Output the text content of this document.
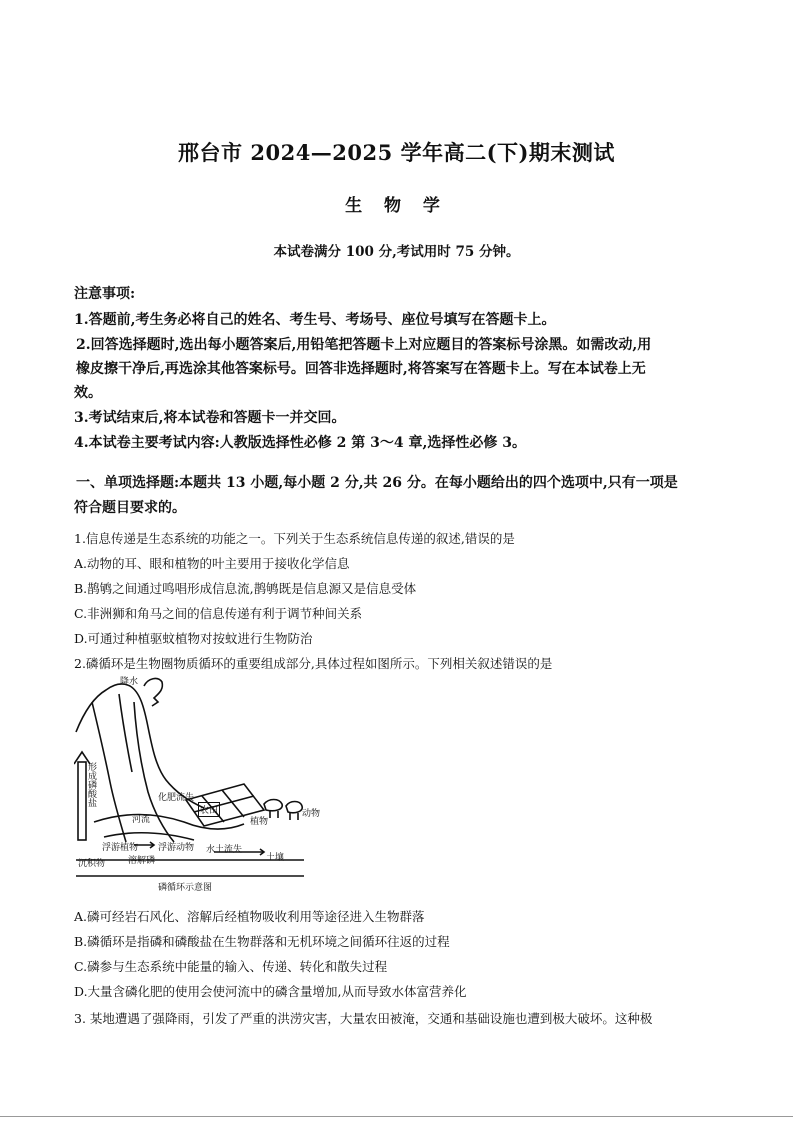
邢台市 2024—2025 学年高二(下)期末测试
生 物 学
本试卷满分 100 分,考试用时 75 分钟。
注意事项:
1.答题前,考生务必将自己的姓名、考生号、考场号、座位号填写在答题卡上。
2.回答选择题时,选出每小题答案后,用铅笔把答题卡上对应题目的答案标号涂黑。如需改动,用
橡皮擦干净后,再选涂其他答案标号。回答非选择题时,将答案写在答题卡上。写在本试卷上无
效。
3.考试结束后,将本试卷和答题卡一并交回。
4.本试卷主要考试内容:人教版选择性必修 2 第 3～4 章,选择性必修 3。
一、单项选择题:本题共 13 小题,每小题 2 分,共 26 分。在每小题给出的四个选项中,只有一项是
符合题目要求的。
1.信息传递是生态系统的功能之一。下列关于生态系统信息传递的叙述,错误的是
A.动物的耳、眼和植物的叶主要用于接收化学信息
B.鹊鸲之间通过鸣唱形成信息流,鹊鸲既是信息源又是信息受体
C.非洲狮和角马之间的信息传递有利于调节种间关系
D.可通过种植驱蚊植物对按蚊进行生物防治
2.磷循环是生物圈物质循环的重要组成部分,具体过程如图所示。下列相关叙述错误的是
降水
形成磷酸盐
化肥流失
农田
河流	植物
动物
浮游植物 浮游动物
溶解磷
沉积物
水土流失
土壤
磷循环示意图
A.磷可经岩石风化、溶解后经植物吸收利用等途径进入生物群落
B.磷循环是指磷和磷酸盐在生物群落和无机环境之间循环往返的过程
C.磷参与生态系统中能量的输入、传递、转化和散失过程
D.大量含磷化肥的使用会使河流中的磷含量增加,从而导致水体富营养化
3. 某地遭遇了强降雨，引发了严重的洪涝灾害，大量农田被淹，交通和基础设施也遭到极大破坏。这种极
